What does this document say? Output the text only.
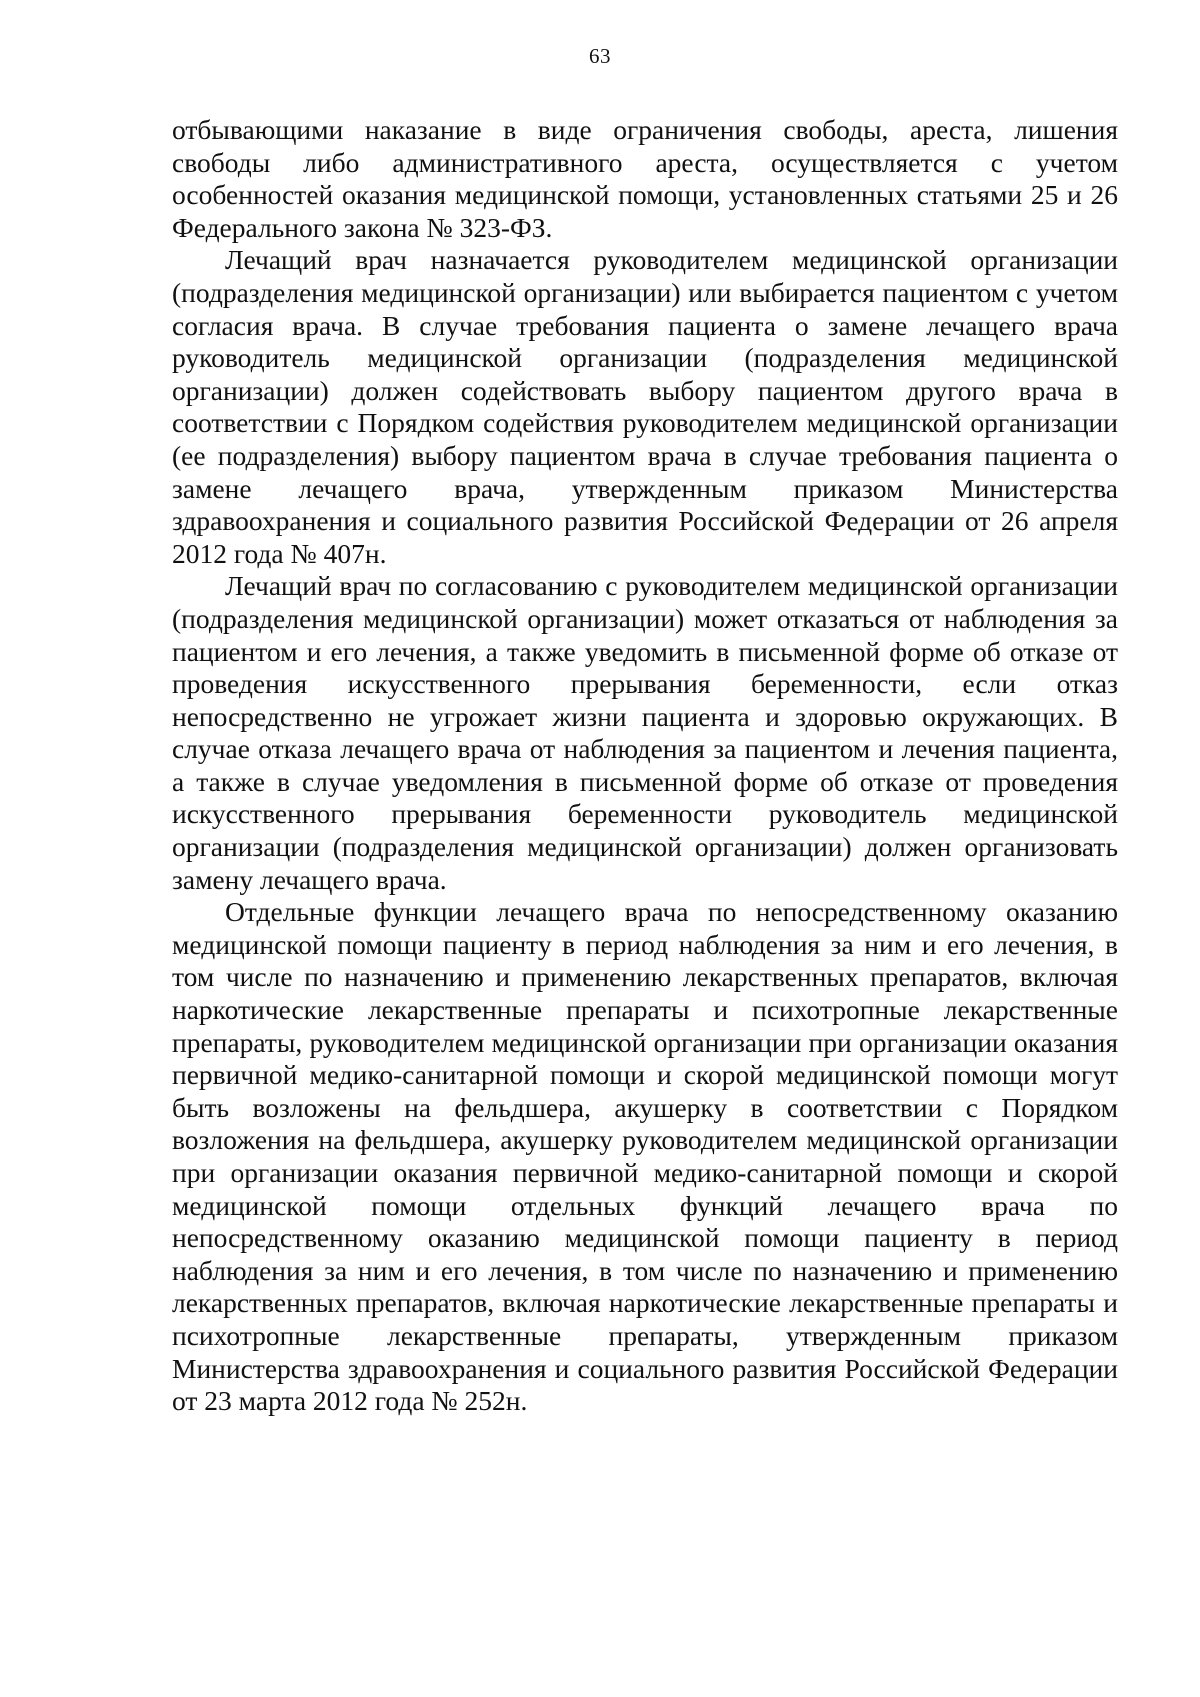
63

отбывающими наказание в виде ограничения свободы, ареста, лишения свободы либо административного ареста, осуществляется с учетом особенностей оказания медицинской помощи, установленных статьями 25 и 26 Федерального закона № 323-ФЗ.

Лечащий врач назначается руководителем медицинской организации (подразделения медицинской организации) или выбирается пациентом с учетом согласия врача. В случае требования пациента о замене лечащего врача руководитель медицинской организации (подразделения медицинской организации) должен содействовать выбору пациентом другого врача в соответствии с Порядком содействия руководителем медицинской организации (ее подразделения) выбору пациентом врача в случае требования пациента о замене лечащего врача, утвержденным приказом Министерства здравоохранения и социального развития Российской Федерации от 26 апреля 2012 года № 407н.

Лечащий врач по согласованию с руководителем медицинской организации (подразделения медицинской организации) может отказаться от наблюдения за пациентом и его лечения, а также уведомить в письменной форме об отказе от проведения искусственного прерывания беременности, если отказ непосредственно не угрожает жизни пациента и здоровью окружающих. В случае отказа лечащего врача от наблюдения за пациентом и лечения пациента, а также в случае уведомления в письменной форме об отказе от проведения искусственного прерывания беременности руководитель медицинской организации (подразделения медицинской организации) должен организовать замену лечащего врача.

Отдельные функции лечащего врача по непосредственному оказанию медицинской помощи пациенту в период наблюдения за ним и его лечения, в том числе по назначению и применению лекарственных препаратов, включая наркотические лекарственные препараты и психотропные лекарственные препараты, руководителем медицинской организации при организации оказания первичной медико-санитарной помощи и скорой медицинской помощи могут быть возложены на фельдшера, акушерку в соответствии с Порядком возложения на фельдшера, акушерку руководителем медицинской организации при организации оказания первичной медико-санитарной помощи и скорой медицинской помощи отдельных функций лечащего врача по непосредственному оказанию медицинской помощи пациенту в период наблюдения за ним и его лечения, в том числе по назначению и применению лекарственных препаратов, включая наркотические лекарственные препараты и психотропные лекарственные препараты, утвержденным приказом Министерства здравоохранения и социального развития Российской Федерации от 23 марта 2012 года № 252н.
